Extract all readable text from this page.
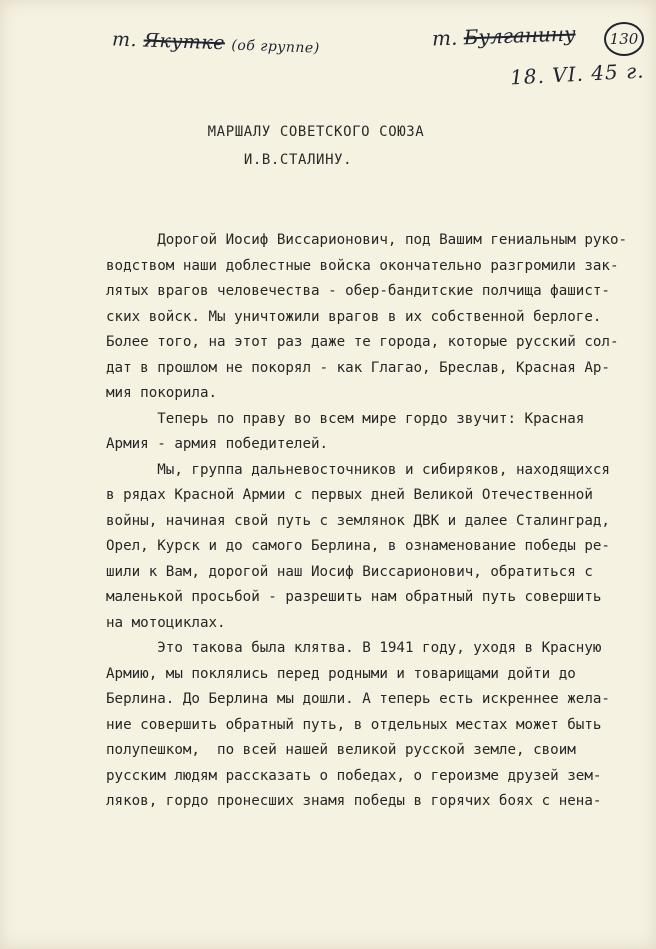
т. Якутке (об группе)	т. Булганину	130
18. VI. 45 г.
МАРШАЛУ СОВЕТСКОГО СОЮЗА
И.В.СТАЛИНУ.
Дорогой Иосиф Виссарионович, под Вашим гениальным руко-
водством наши доблестные войска окончательно разгромили зак-
лятых врагов человечества - обер-бандитские полчища фашист-
ских войск. Мы уничтожили врагов в их собственной берлоге.
Более того, на этот раз даже те города, которые русский сол-
дат в прошлом не покорял - как Глагао, Бреслав, Красная Ар-
мия покорила.
Теперь по праву во всем мире гордо звучит: Красная
Армия - армия победителей.
Мы, группа дальневосточников и сибиряков, находящихся
в рядах Красной Армии с первых дней Великой Отечественной
войны, начиная свой путь с землянок ДВК и далее Сталинград,
Орел, Курск и до самого Берлина, в ознаменование победы ре-
шили к Вам, дорогой наш Иосиф Виссарионович, обратиться с
маленькой просьбой - разрешить нам обратный путь совершить
на мотоциклах.
Это такова была клятва. В 1941 году, уходя в Красную
Армию, мы поклялись перед родными и товарищами дойти до
Берлина. До Берлина мы дошли. А теперь есть искреннее жела-
ние совершить обратный путь, в отдельных местах может быть
полупешком,  по всей нашей великой русской земле, своим
русским людям рассказать о победах, о героизме друзей зем-
ляков, гордо пронесших знамя победы в горячих боях с нена-
